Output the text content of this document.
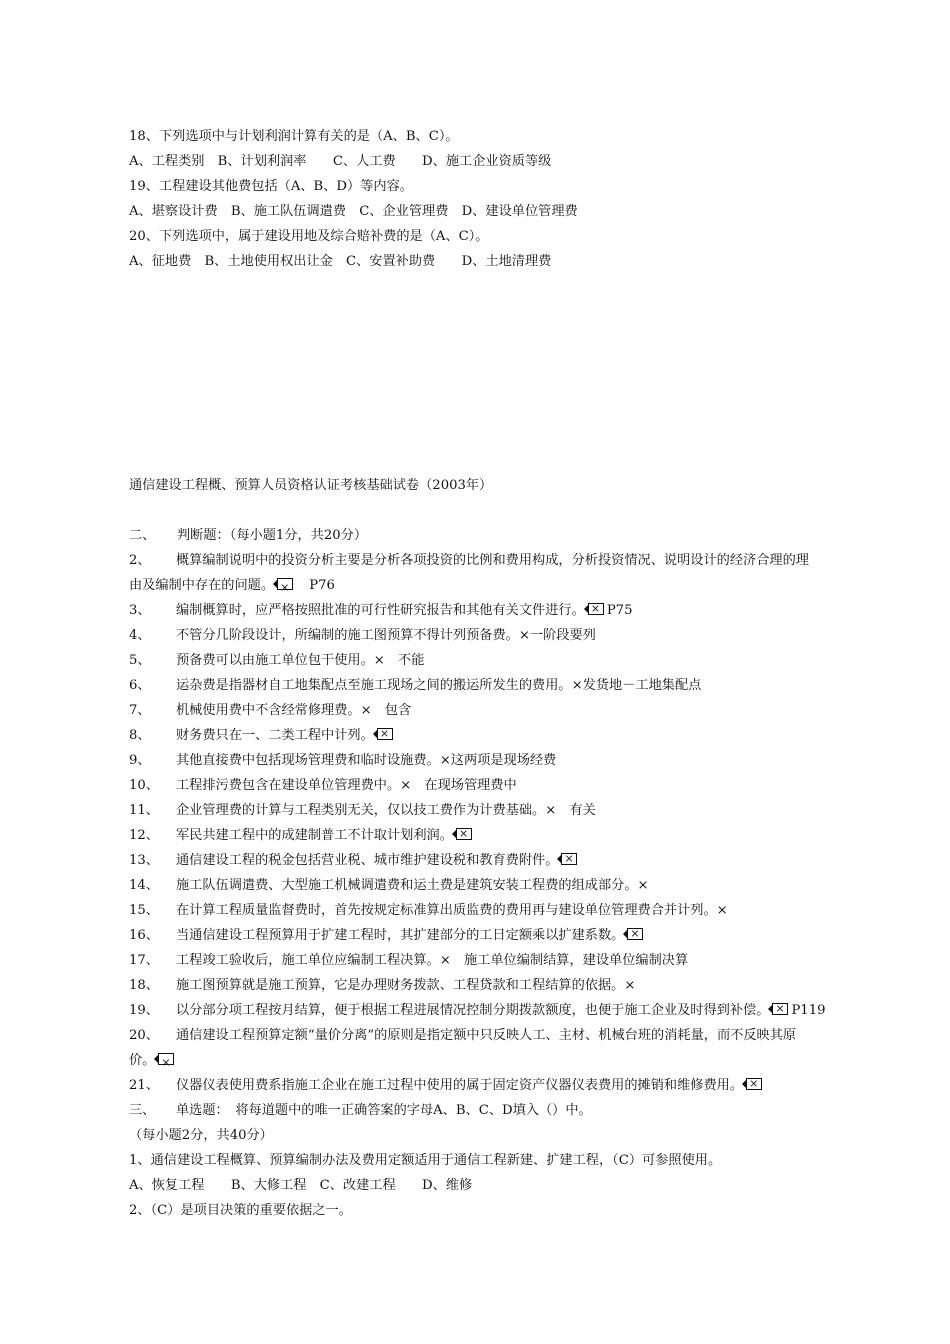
18、下列选项中与计划利润计算有关的是（A、B、C）。
A、工程类别　B、计划利润率　　C、人工费　　D、施工企业资质等级
19、工程建设其他费包括（A、B、D）等内容。
A、堪察设计费　B、施工队伍调遣费　C、企业管理费　D、建设单位管理费
20、下列选项中，属于建设用地及综合赔补费的是（A、C）。
A、征地费　B、土地使用权出让金　C、安置补助费　　D、土地清理费
通信建设工程概、预算人员资格认证考核基础试卷（2003年）
二、 判断题：（每小题1分，共20分）
2、 概算编制说明中的投资分析主要是分析各项投资的比例和费用构成，分析投资情况、说明设计的经济合理的理
由及编制中存在的问题。 ×　	P76
3、 编制概算时，应严格按照批准的可行性研究报告和其他有关文件进行。 × P75
4、 不管分几阶段设计，所编制的施工图预算不得计列预备费。×一阶段要列
5、 预备费可以由施工单位包干使用。×　不能
6、 运杂费是指器材自工地集配点至施工现场之间的搬运所发生的费用。×发货地－工地集配点
7、 机械使用费中不含经常修理费。×　包含
8、 财务费只在一、二类工程中计列。×
9、 其他直接费中包括现场管理费和临时设施费。×这两项是现场经费
10、 工程排污费包含在建设单位管理费中。×　在现场管理费中
11、 企业管理费的计算与工程类别无关，仅以技工费作为计费基础。×　有关
12、 军民共建工程中的成建制普工不计取计划利润。×
13、 通信建设工程的税金包括营业税、城市维护建设税和教育费附件。×
14、 施工队伍调遣费、大型施工机械调遣费和运土费是建筑安装工程费的组成部分。×
15、 在计算工程质量监督费时，首先按规定标准算出质监费的费用再与建设单位管理费合并计列。×
16、 当通信建设工程预算用于扩建工程时，其扩建部分的工日定额乘以扩建系数。×
17、 工程竣工验收后，施工单位应编制工程决算。×　施工单位编制结算，建设单位编制决算
18、 施工图预算就是施工预算，它是办理财务拨款、工程贷款和工程结算的依据。×
19、 以分部分项工程按月结算，便于根据工程进展情况控制分期拨款额度，也便于施工企业及时得到补偿。 × P119
20、 通信建设工程预算定额“量价分离”的原则是指定额中只反映人工、主材、机械台班的消耗量，而不反映其原
价。×
21、 仪器仪表使用费系指施工企业在施工过程中使用的属于固定资产仪器仪表费用的摊销和维修费用。×
三、 单选题：　将每道题中的唯一正确答案的字母A、B、C、D填入（）中。
（每小题2分，共40分）
1、通信建设工程概算、预算编制办法及费用定额适用于通信工程新建、扩建工程，（C）可参照使用。
A、恢复工程　　B、大修工程　C、改建工程　　D、维修
2、（C）是项目决策的重要依据之一。
